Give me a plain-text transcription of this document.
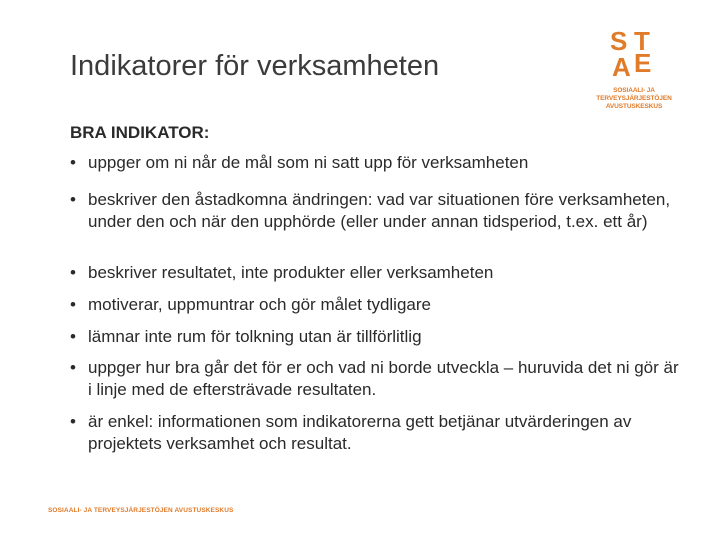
Indikatorer för verksamheten
S T
E
A
SOSIAALI- JA
TERVEYSJÄRJESTÖJEN
AVUSTUSKESKUS
BRA INDIKATOR:
• uppger om ni når de mål som ni satt upp för verksamheten
• beskriver den åstadkomna ändringen: vad var situationen före verksamheten, under den och när den upphörde (eller under annan tidsperiod, t.ex. ett år)
• beskriver resultatet, inte produkter eller verksamheten
• motiverar, uppmuntrar och gör målet tydligare
• lämnar inte rum för tolkning utan är tillförlitlig
• uppger hur bra går det för er och vad ni borde utveckla – huruvida det ni gör är i linje med de eftersträvade resultaten.
• är enkel: informationen som indikatorerna gett betjänar utvärderingen av projektets verksamhet och resultat.
SOSIAALI- JA TERVEYSJÄRJESTÖJEN AVUSTUSKESKUS
